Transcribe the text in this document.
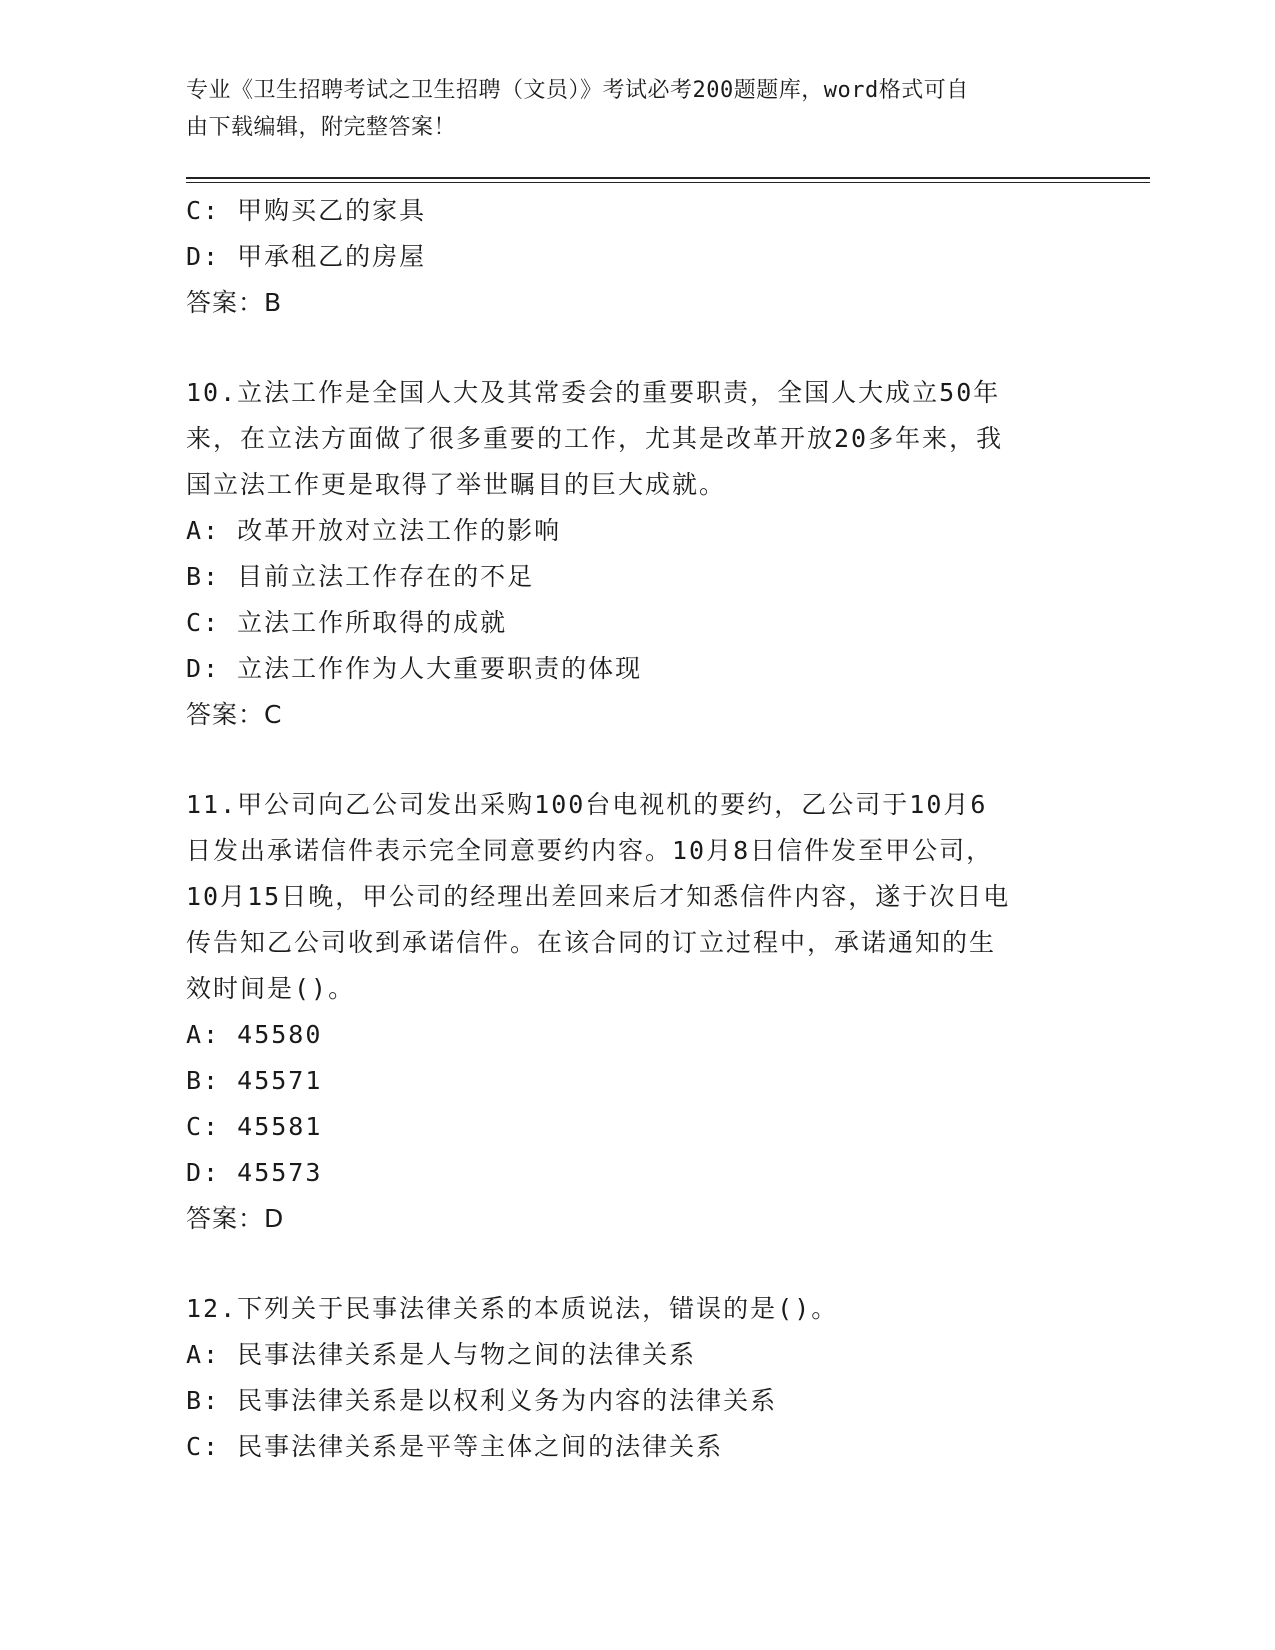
专业《卫生招聘考试之卫生招聘（文员）》考试必考200题题库，word格式可自
由下载编辑，附完整答案！
C: 甲购买乙的家具
D: 甲承租乙的房屋
答案：B
10.立法工作是全国人大及其常委会的重要职责，全国人大成立50年
来，在立法方面做了很多重要的工作，尤其是改革开放20多年来，我
国立法工作更是取得了举世瞩目的巨大成就。
A: 改革开放对立法工作的影响
B: 目前立法工作存在的不足
C: 立法工作所取得的成就
D: 立法工作作为人大重要职责的体现
答案：C
11.甲公司向乙公司发出采购100台电视机的要约，乙公司于10月6
日发出承诺信件表示完全同意要约内容。10月8日信件发至甲公司，
10月15日晚，甲公司的经理出差回来后才知悉信件内容，遂于次日电
传告知乙公司收到承诺信件。在该合同的订立过程中，承诺通知的生
效时间是()。
A: 45580
B: 45571
C: 45581
D: 45573
答案：D
12.下列关于民事法律关系的本质说法，错误的是()。
A: 民事法律关系是人与物之间的法律关系
B: 民事法律关系是以权利义务为内容的法律关系
C: 民事法律关系是平等主体之间的法律关系
